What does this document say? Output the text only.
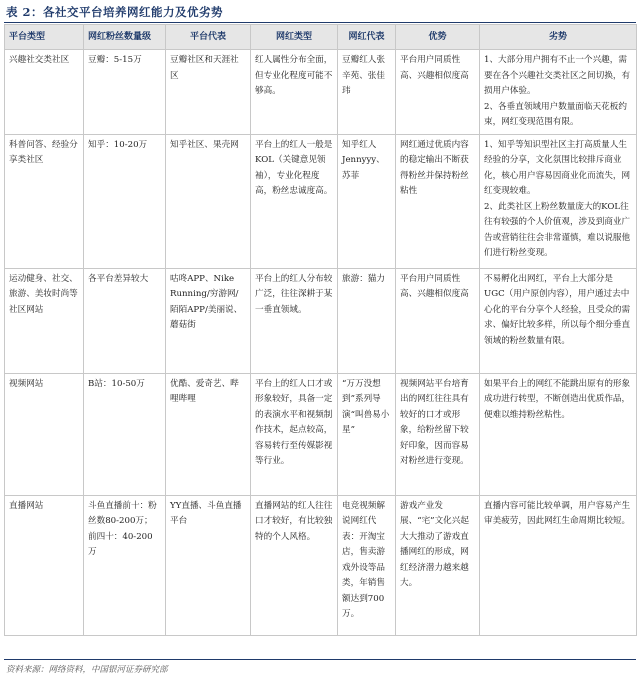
表 2：各社交平台培养网红能力及优劣势
平台类型	网红粉丝数量级	平台代表	网红类型	网红代表	优势	劣势
兴趣社交类社区	豆瓣：5-15万	豆瓣社区和天涯社区	红人属性分布全面，但专业化程度可能不够高。	豆瓣红人张辛苑、张佳玮	平台用户同质性高、兴趣相似度高	1、大部分用户拥有不止一个兴趣，需要在各个兴趣社交类社区之间切换，有损用户体验。
2、各垂直领域用户数量面临天花板约束，网红变现范围有限。

科普问答、经验分享类社区	知乎：10-20万	知乎社区、果壳网	平台上的红人一般是KOL（关键意见领袖），专业化程度高，粉丝忠诚度高。	知乎红人Jennyyy、苏菲	网红通过优质内容的稳定输出不断获得粉丝并保持粉丝粘性	1、知乎等知识型社区主打高质量人生经验的分享，文化氛围比较排斥商业化，核心用户容易因商业化而流失，网红变现较难。
2、此类社区上粉丝数量庞大的KOL往往有较强的个人价值观，涉及到商业广告或营销往往会非常谨慎，难以说服他们进行粉丝变现。

运动健身、社交、旅游、美妆时尚等社区网站	各平台差异较大	咕咚APP、Nike Running/穷游网/陌陌APP/美丽说、蘑菇街	平台上的红人分布较广泛，往往深耕于某一垂直领域。	旅游：猫力	平台用户同质性高、兴趣相似度高	不易孵化出网红，平台上大部分是UGC（用户原创内容），用户通过去中心化的平台分享个人经验，且受众的需求、偏好比较多样，所以每个细分垂直领域的粉丝数量有限。

视频网站	B站：10-50万	优酷、爱奇艺、哔哩哔哩	平台上的红人口才或形象较好，具备一定的表演水平和视频制作技术，起点较高，容易转行至传媒影视等行业。	“万万没想到”系列导演“叫兽易小星”	视频网站平台培育出的网红往往具有较好的口才或形象，给粉丝留下较好印象，因而容易对粉丝进行变现。	如果平台上的网红不能跳出原有的形象成功进行转型，不断创造出优质作品，便难以维持粉丝粘性。

直播网站	斗鱼直播前十：粉丝数80-200万；前四十：40-200万	YY直播、斗鱼直播平台	直播网站的红人往往口才较好，有比较独特的个人风格。	电竞视频解说网红代表：开淘宝店，售卖游戏外设等品类，年销售额达到700万。	游戏产业发展、“宅”文化兴起大大推动了游戏直播网红的形成，网红经济潜力越来越大。	直播内容可能比较单调，用户容易产生审美疲劳，因此网红生命周期比较短。
资料来源：网络资料，中国银河证券研究部
